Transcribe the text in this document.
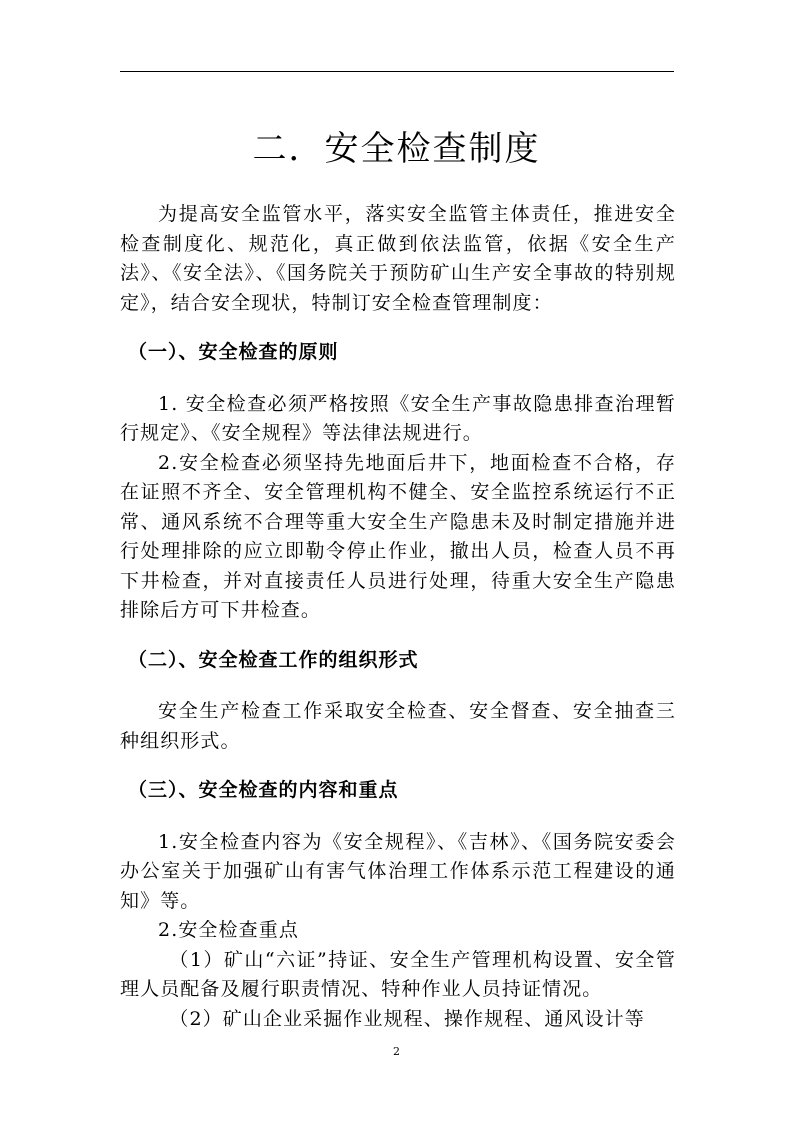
二．安全检查制度

为提高安全监管水平，落实安全监管主体责任，推进安全检查制度化、规范化，真正做到依法监管，依据《安全生产法》、《安全法》、《国务院关于预防矿山生产安全事故的特别规定》，结合安全现状，特制订安全检查管理制度：

（一）、安全检查的原则

1. 安全检查必须严格按照《安全生产事故隐患排查治理暂行规定》、《安全规程》等法律法规进行。

2.安全检查必须坚持先地面后井下，地面检查不合格，存在证照不齐全、安全管理机构不健全、安全监控系统运行不正常、通风系统不合理等重大安全生产隐患未及时制定措施并进行处理排除的应立即勒令停止作业，撤出人员，检查人员不再下井检查，并对直接责任人员进行处理，待重大安全生产隐患排除后方可下井检查。

（二）、安全检查工作的组织形式

安全生产检查工作采取安全检查、安全督查、安全抽查三种组织形式。

（三）、安全检查的内容和重点

1.安全检查内容为《安全规程》、《吉林》、《国务院安委会办公室关于加强矿山有害气体治理工作体系示范工程建设的通知》等。

2.安全检查重点

（1）矿山“六证”持证、安全生产管理机构设置、安全管理人员配备及履行职责情况、特种作业人员持证情况。

（2）矿山企业采掘作业规程、操作规程、通风设计等

2
